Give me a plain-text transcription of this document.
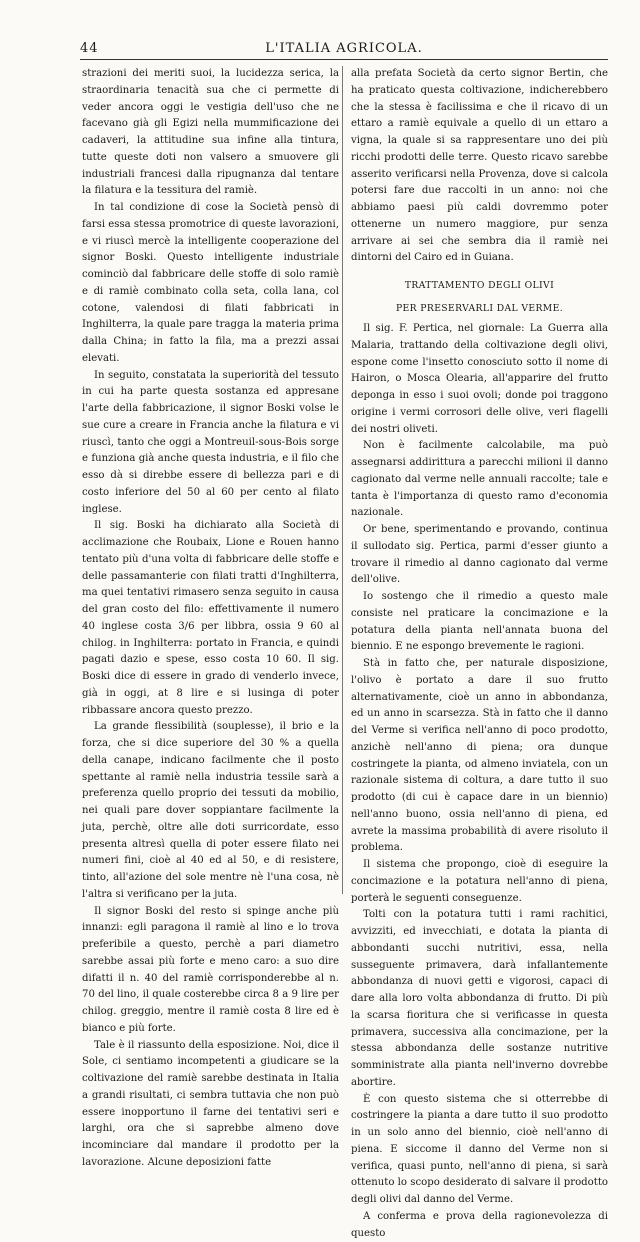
44	L'ITALIA AGRICOLA.

strazioni dei meriti suoi, la lucidezza serica, la straordinaria tenacità sua che ci permette di veder ancora oggi le vestigia dell'uso che ne facevano già gli Egizi nella mummificazione dei cadaveri, la attitudine sua infine alla tintura, tutte queste doti non valsero a smuovere gli industriali francesi dalla ripugnanza dal tentare la filatura e la tessitura del ramiè.

In tal condizione di cose la Società pensò di farsi essa stessa promotrice di queste lavorazioni, e vi riuscì mercè la intelligente cooperazione del signor Boski. Questo intelligente industriale cominciò dal fabbricare delle stoffe di solo ramiè e di ramiè combinato colla seta, colla lana, col cotone, valendosi di filati fabbricati in Inghilterra, la quale pare tragga la materia prima dalla China; in fatto la fila, ma a prezzi assai elevati.

In seguito, constatata la superiorità del tessuto in cui ha parte questa sostanza ed appresane l'arte della fabbricazione, il signor Boski volse le sue cure a creare in Francia anche la filatura e vi riuscì, tanto che oggi a Montreuil-sous-Bois sorge e funziona già anche questa industria, e il filo che esso dà si direbbe essere di bellezza pari e di costo inferiore del 50 al 60 per cento al filato inglese.

Il sig. Boski ha dichiarato alla Società di acclimazione che Roubaix, Lione e Rouen hanno tentato più d'una volta di fabbricare delle stoffe e delle passamanterie con filati tratti d'Inghilterra, ma quei tentativi rimasero senza seguito in causa del gran costo del filo: effettivamente il numero 40 inglese costa 3/6 per libbra, ossia 9 60 al chilog. in Inghilterra: portato in Francia, e quindi pagati dazio e spese, esso costa 10 60. Il sig. Boski dice di essere in grado di venderlo invece, già in oggi, at 8 lire e si lusinga di poter ribbassare ancora questo prezzo.

La grande flessibilità (souplesse), il brio e la forza, che si dice superiore del 30 % a quella della canape, indicano facilmente che il posto spettante al ramiè nella industria tessile sarà a preferenza quello proprio dei tessuti da mobilio, nei quali pare dover soppiantare facilmente la juta, perchè, oltre alle doti surricordate, esso presenta altresì quella di poter essere filato nei numeri fini, cioè al 40 ed al 50, e di resistere, tinto, all'azione del sole mentre nè l'una cosa, nè l'altra si verificano per la juta.

Il signor Boski del resto si spinge anche più innanzi: egli paragona il ramiè al lino e lo trova preferibile a questo, perchè a pari diametro sarebbe assai più forte e meno caro: a suo dire difatti il n. 40 del ramiè corrisponderebbe al n. 70 del lino, il quale costerebbe circa 8 a 9 lire per chilog. greggio, mentre il ramiè costa 8 lire ed è bianco e più forte.

Tale è il riassunto della esposizione. Noi, dice il Sole, ci sentiamo incompetenti a giudicare se la coltivazione del ramiè sarebbe destinata in Italia a grandi risultati, ci sembra tuttavia che non può essere inopportuno il farne dei tentativi seri e larghi, ora che si saprebbe almeno dove incominciare dal mandare il prodotto per la lavorazione. Alcune deposizioni fatte

alla prefata Società da certo signor Bertin, che ha praticato questa coltivazione, indicherebbero che la stessa è facilissima e che il ricavo di un ettaro a ramiè equivale a quello di un ettaro a vigna, la quale si sa rappresentare uno dei più ricchi prodotti delle terre. Questo ricavo sarebbe asserito verificarsi nella Provenza, dove si calcola potersi fare due raccolti in un anno: noi che abbiamo paesi più caldi dovremmo poter ottenerne un numero maggiore, pur senza arrivare ai sei che sembra dia il ramiè nei dintorni del Cairo ed in Guiana.

TRATTAMENTO DEGLI OLIVI
PER PRESERVARLI DAL VERME.

Il sig. F. Pertica, nel giornale: La Guerra alla Malaria, trattando della coltivazione degli olivi, espone come l'insetto conosciuto sotto il nome di Hairon, o Mosca Olearia, all'apparire del frutto depongа in esso i suoi ovoli; donde poi traggono origine i vermi corrosori delle olive, veri flagelli dei nostri oliveti.

Non è facilmente calcolabile, ma può assegnarsi addirittura a parecchi milioni il danno cagionato dal verme nelle annuali raccolte; tale e tanta è l'importanza di questo ramo d'economia nazionale.

Or bene, sperimentando e provando, continua il sullodato sig. Pertica, parmi d'esser giunto a trovare il rimedio al danno cagionato dal verme dell'olive.

Io sostengo che il rimedio a questo male consiste nel praticare la concimazione e la potatura della pianta nell'annata buona del biennio. E ne espongo brevemente le ragioni.

Stà in fatto che, per naturale disposizione, l'olivo è portato a dare il suo frutto alternativamente, cioè un anno in abbondanza, ed un anno in scarsezza. Stà in fatto che il danno del Verme si verifica nell'anno di poco prodotto, anzichè nell'anno di piena; ora dunque costringete la pianta, od almeno inviatela, con un razionale sistema di coltura, a dare tutto il suo prodotto (di cui è capace dare in un biennio) nell'anno buono, ossia nell'anno di piena, ed avrete la massima probabilità di avere risoluto il problema.

Il sistema che propongo, cioè di eseguire la concimazione e la potatura nell'anno di piena, porterà le seguenti conseguenze.

Tolti con la potatura tutti i rami rachitici, avvizziti, ed invecchiati, e dotata la pianta di abbondanti succhi nutritivi, essa, nella susseguente primavera, darà infallantemente abbondanza di nuovi getti e vigorosi, capaci di dare alla loro volta abbondanza di frutto. Di più la scarsa fioritura che si verificasse in questa primavera, successiva alla concimazione, per la stessa abbondanza delle sostanze nutritive somministrate alla pianta nell'inverno dovrebbe abortire.

È con questo sistema che si otterrebbe di costringere la pianta a dare tutto il suo prodotto in un solo anno del biennio, cioè nell'anno di piena. E siccome il danno del Verme non si verifica, quasi punto, nell'anno di piena, si sarà ottenuto lo scopo desiderato di salvare il prodotto degli olivi dal danno del Verme.

A conferma e prova della ragionevolezza di questo
